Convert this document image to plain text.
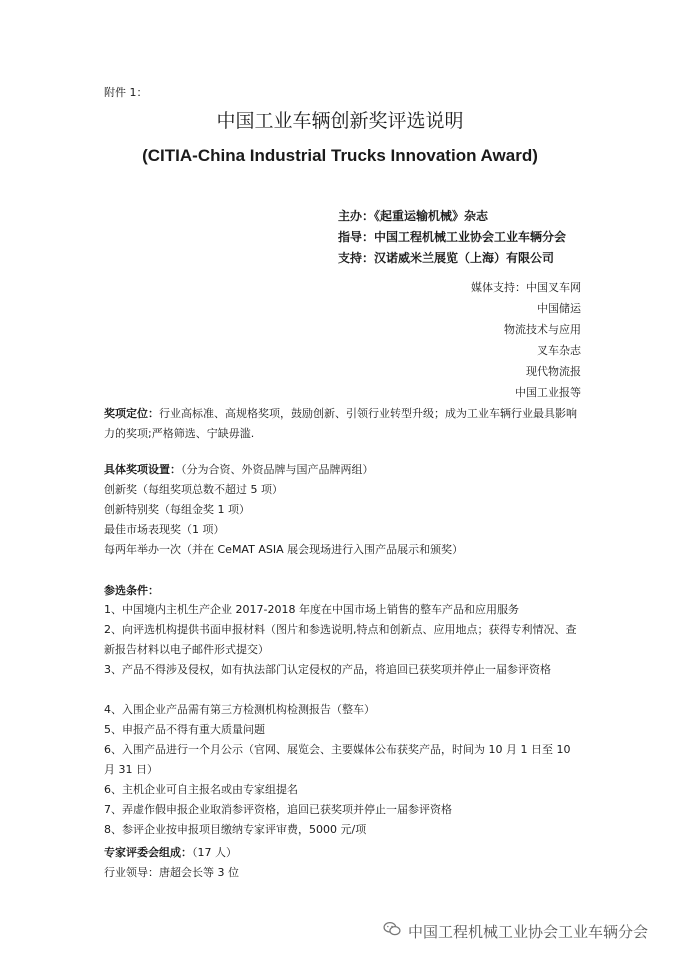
附件 1：
中国工业车辆创新奖评选说明
(CITIA-China Industrial Trucks Innovation Award)
主办：《起重运输机械》杂志
指导：中国工程机械工业协会工业车辆分会
支持：汉诺威米兰展览（上海）有限公司
媒体支持：中国叉车网
中国储运
物流技术与应用
叉车杂志
现代物流报
中国工业报等
奖项定位：行业高标准、高规格奖项，鼓励创新、引领行业转型升级；成为工业车辆行业最具影响力的奖项;严格筛选、宁缺毋滥.
具体奖项设置：（分为合资、外资品牌与国产品牌两组）
创新奖（每组奖项总数不超过 5 项）
创新特别奖（每组金奖 1 项）
最佳市场表现奖（1 项）
每两年举办一次（并在 CeMAT ASIA 展会现场进行入围产品展示和颁奖）
参选条件：
1、中国境内主机生产企业 2017-2018 年度在中国市场上销售的整车产品和应用服务
2、向评选机构提供书面申报材料（图片和参选说明,特点和创新点、应用地点；获得专利情况、查新报告材料以电子邮件形式提交）
3、产品不得涉及侵权，如有执法部门认定侵权的产品，将追回已获奖项并停止一届参评资格
4、入围企业产品需有第三方检测机构检测报告（整车）
5、申报产品不得有重大质量问题
6、入围产品进行一个月公示（官网、展览会、主要媒体公布获奖产品，时间为 10 月 1 日至 10 月 31 日）
6、主机企业可自主报名或由专家组提名
7、弄虚作假申报企业取消参评资格，追回已获奖项并停止一届参评资格
8、参评企业按申报项目缴纳专家评审费，5000 元/项
专家评委会组成：（17 人）
行业领导：唐超会长等 3 位
中国工程机械工业协会工业车辆分会
